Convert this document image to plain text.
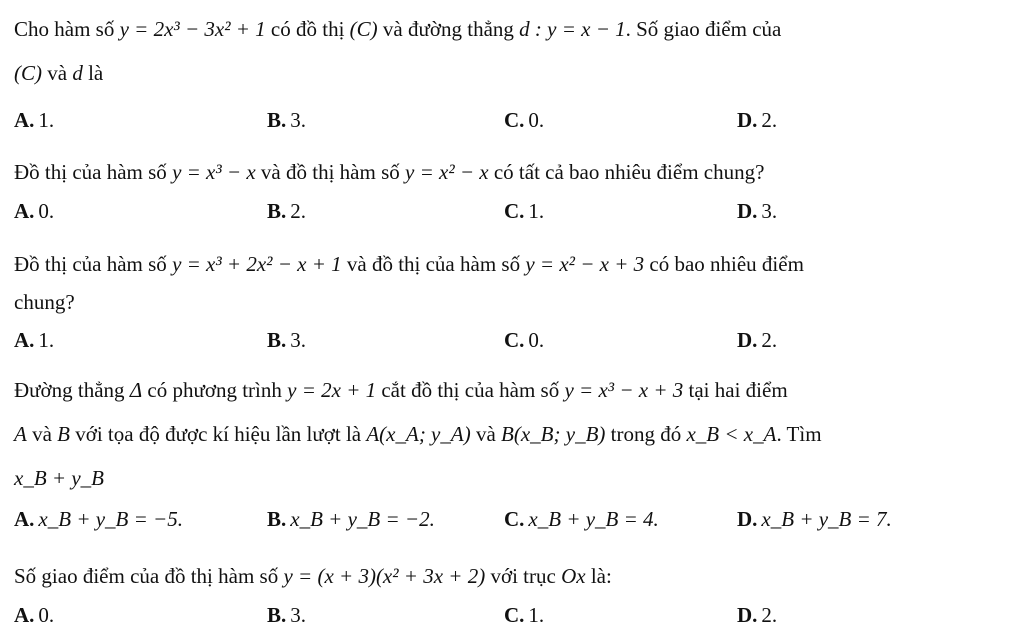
Cho hàm số y = 2x³ − 3x² + 1 có đồ thị (C) và đường thẳng d : y = x − 1. Số giao điểm của
(C) và d là
A. 1.	B. 3.	C. 0.	D. 2.
Đồ thị của hàm số y = x³ − x và đồ thị hàm số y = x² − x có tất cả bao nhiêu điểm chung?
A. 0.	B. 2.	C. 1.	D. 3.
Đồ thị của hàm số y = x³ + 2x² − x + 1 và đồ thị của hàm số y = x² − x + 3 có bao nhiêu điểm
chung?
A. 1.	B. 3.	C. 0.	D. 2.
Đường thẳng Δ có phương trình y = 2x + 1 cắt đồ thị của hàm số y = x³ − x + 3 tại hai điểm
A và B với tọa độ được kí hiệu lần lượt là A(x_A; y_A) và B(x_B; y_B) trong đó x_B < x_A. Tìm
x_B + y_B
A. x_B + y_B = −5.	B. x_B + y_B = −2.	C. x_B + y_B = 4.	D. x_B + y_B = 7.
Số giao điểm của đồ thị hàm số y = (x + 3)(x² + 3x + 2) với trục Ox là:
A. 0.	B. 3.	C. 1.	D. 2.
